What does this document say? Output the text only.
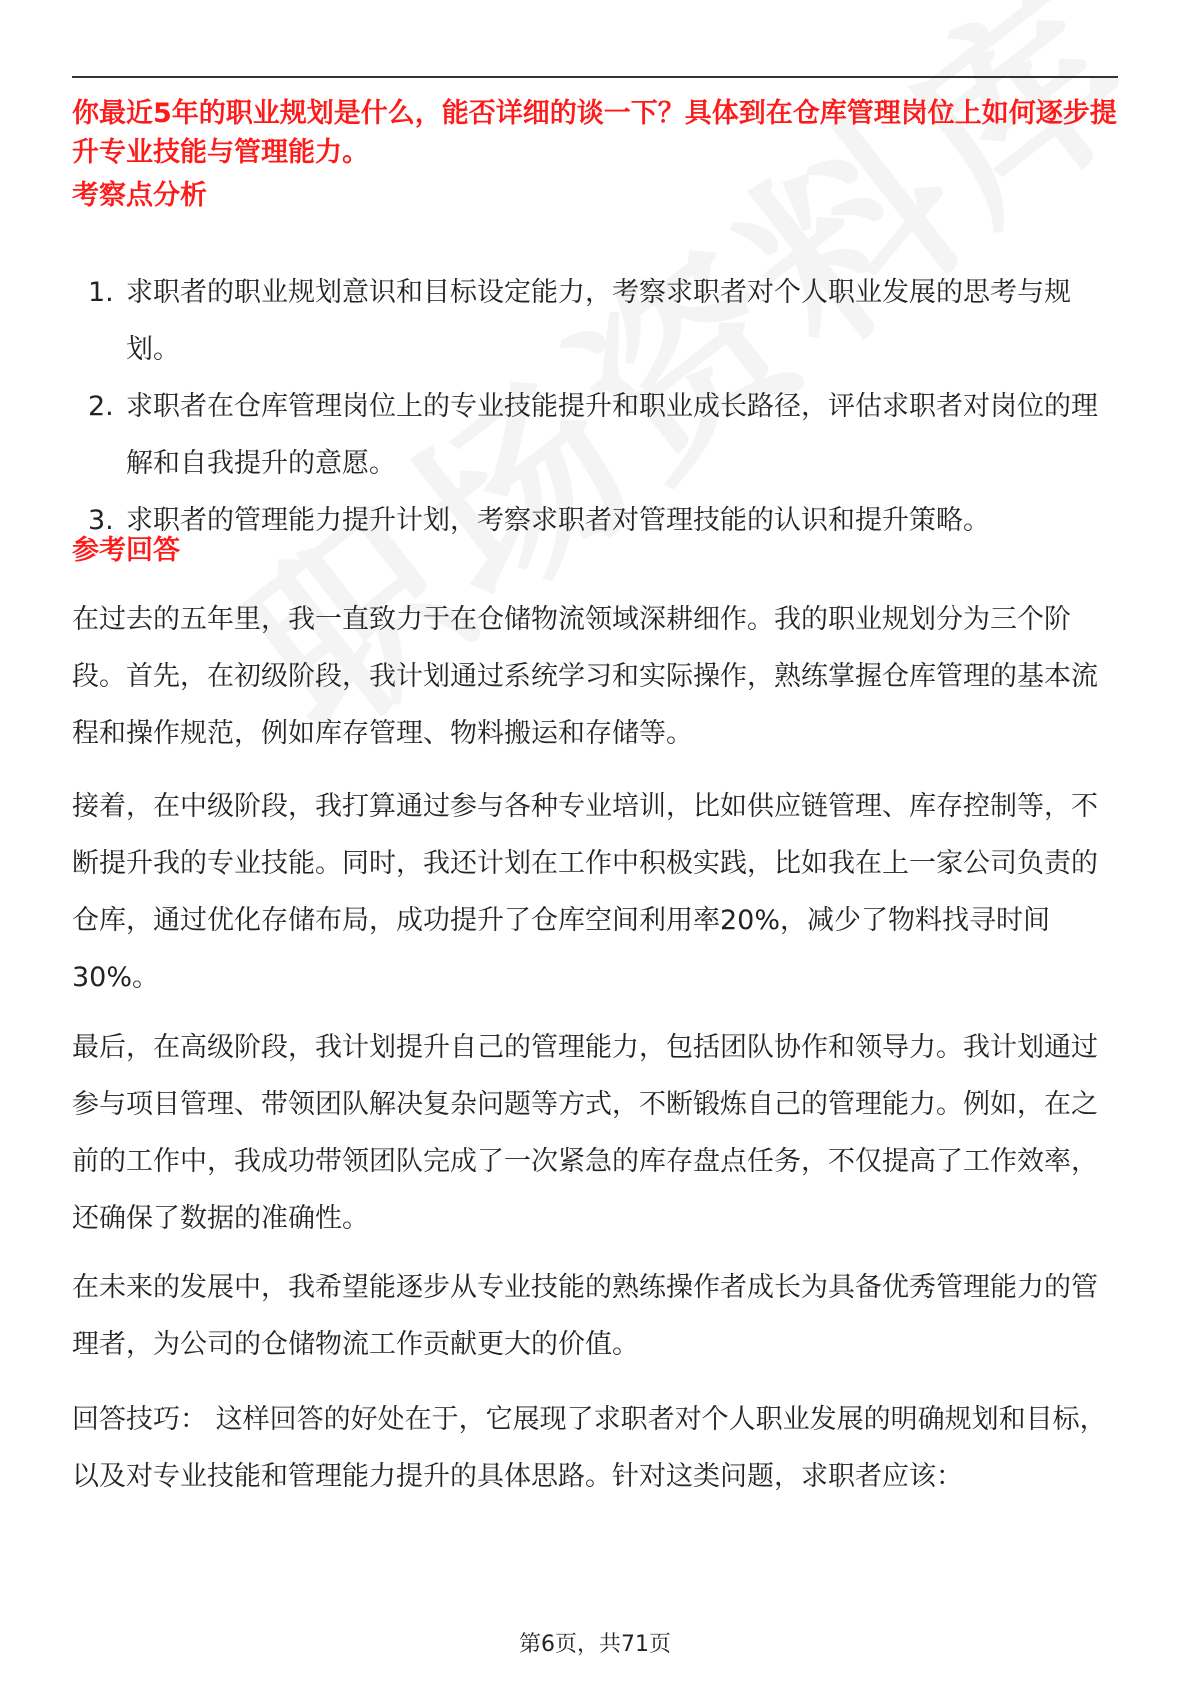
你最近5年的职业规划是什么，能否详细的谈一下？具体到在仓库管理岗位上如何逐步提升专业技能与管理能力。
考察点分析
1. 求职者的职业规划意识和目标设定能力，考察求职者对个人职业发展的思考与规划。
2. 求职者在仓库管理岗位上的专业技能提升和职业成长路径，评估求职者对岗位的理解和自我提升的意愿。
3. 求职者的管理能力提升计划，考察求职者对管理技能的认识和提升策略。
参考回答
在过去的五年里，我一直致力于在仓储物流领域深耕细作。我的职业规划分为三个阶段。首先，在初级阶段，我计划通过系统学习和实际操作，熟练掌握仓库管理的基本流程和操作规范，例如库存管理、物料搬运和存储等。
接着，在中级阶段，我打算通过参与各种专业培训，比如供应链管理、库存控制等，不断提升我的专业技能。同时，我还计划在工作中积极实践，比如我在上一家公司负责的仓库，通过优化存储布局，成功提升了仓库空间利用率20%，减少了物料找寻时间30%。
最后，在高级阶段，我计划提升自己的管理能力，包括团队协作和领导力。我计划通过参与项目管理、带领团队解决复杂问题等方式，不断锻炼自己的管理能力。例如，在之前的工作中，我成功带领团队完成了一次紧急的库存盘点任务，不仅提高了工作效率，还确保了数据的准确性。
在未来的发展中，我希望能逐步从专业技能的熟练操作者成长为具备优秀管理能力的管理者，为公司的仓储物流工作贡献更大的价值。
回答技巧： 这样回答的好处在于，它展现了求职者对个人职业发展的明确规划和目标，以及对专业技能和管理能力提升的具体思路。针对这类问题，求职者应该：
第6页，共71页
